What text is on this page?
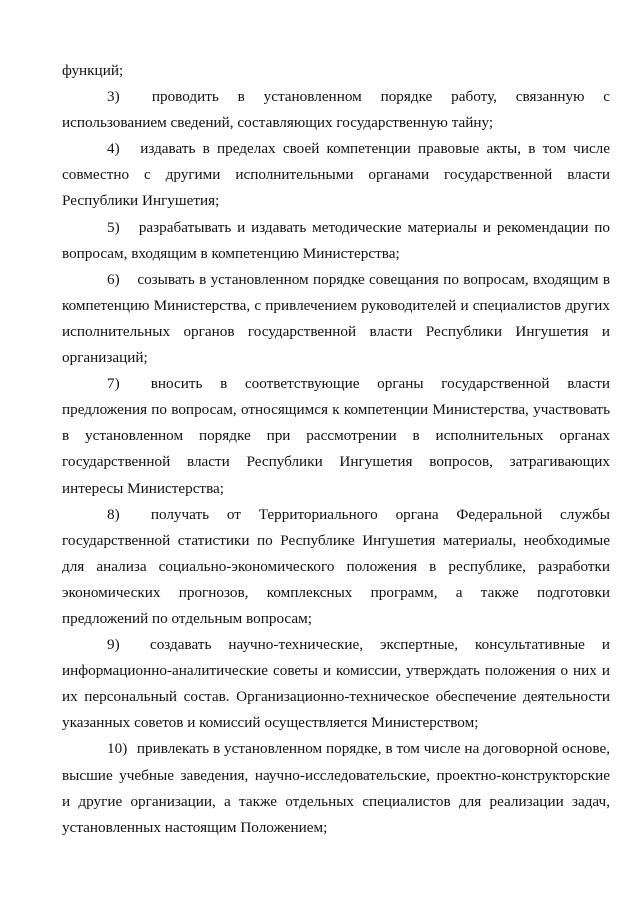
функций;

3) проводить в установленном порядке работу, связанную с использованием сведений, составляющих государственную тайну;

4) издавать в пределах своей компетенции правовые акты, в том числе совместно с другими исполнительными органами государственной власти Республики Ингушетия;

5) разрабатывать и издавать методические материалы и рекомендации по вопросам, входящим в компетенцию Министерства;

6) созывать в установленном порядке совещания по вопросам, входящим в компетенцию Министерства, с привлечением руководителей и специалистов других исполнительных органов государственной власти Республики Ингушетия и организаций;

7) вносить в соответствующие органы государственной власти предложения по вопросам, относящимся к компетенции Министерства, участвовать в установленном порядке при рассмотрении в исполнительных органах государственной власти Республики Ингушетия вопросов, затрагивающих интересы Министерства;

8) получать от Территориального органа Федеральной службы государственной статистики по Республике Ингушетия материалы, необходимые для анализа социально-экономического положения в республике, разработки экономических прогнозов, комплексных программ, а также подготовки предложений по отдельным вопросам;

9) создавать научно-технические, экспертные, консультативные и информационно-аналитические советы и комиссии, утверждать положения о них и их персональный состав. Организационно-техническое обеспечение деятельности указанных советов и комиссий осуществляется Министерством;

10) привлекать в установленном порядке, в том числе на договорной основе, высшие учебные заведения, научно-исследовательские, проектно-конструкторские и другие организации, а также отдельных специалистов для реализации задач, установленных настоящим Положением;
